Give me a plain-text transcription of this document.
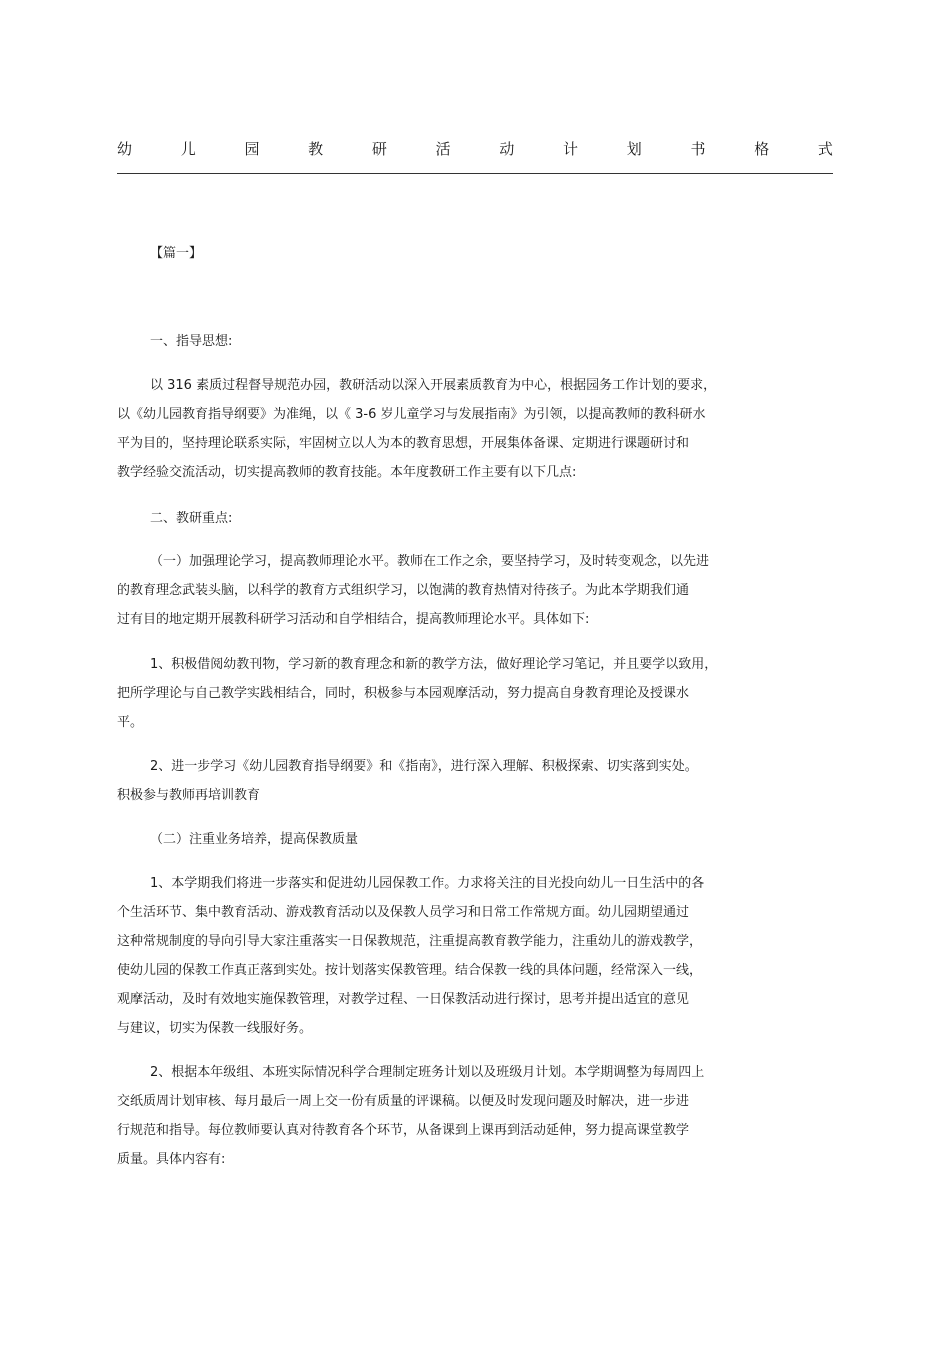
幼	儿	园	教	研	活	动	计	划	书	格	式
【篇一】
一、指导思想:
以 316 素质过程督导规范办园，教研活动以深入开展素质教育为中心，根据园务工作计划的要求，
以《幼儿园教育指导纲要》为准绳，以《 3-6 岁儿童学习与发展指南》为引领，以提高教师的教科研水
平为目的，坚持理论联系实际，牢固树立以人为本的教育思想，开展集体备课、定期进行课题研讨和
教学经验交流活动，切实提高教师的教育技能。本年度教研工作主要有以下几点:
二、教研重点:
（一）加强理论学习，提高教师理论水平。教师在工作之余，要坚持学习，及时转变观念，以先进
的教育理念武装头脑，以科学的教育方式组织学习，以饱满的教育热情对待孩子。为此本学期我们通
过有目的地定期开展教科研学习活动和自学相结合，提高教师理论水平。具体如下:
1、积极借阅幼教刊物，学习新的教育理念和新的教学方法，做好理论学习笔记，并且要学以致用，
把所学理论与自己教学实践相结合，同时，积极参与本园观摩活动，努力提高自身教育理论及授课水
平。
2、进一步学习《幼儿园教育指导纲要》和《指南》，进行深入理解、积极探索、切实落到实处。
积极参与教师再培训教育
（二）注重业务培养，提高保教质量
1、本学期我们将进一步落实和促进幼儿园保教工作。力求将关注的目光投向幼儿一日生活中的各
个生活环节、集中教育活动、游戏教育活动以及保教人员学习和日常工作常规方面。幼儿园期望通过
这种常规制度的导向引导大家注重落实一日保教规范，注重提高教育教学能力，注重幼儿的游戏教学，
使幼儿园的保教工作真正落到实处。按计划落实保教管理。结合保教一线的具体问题，经常深入一线，
观摩活动，及时有效地实施保教管理，对教学过程、一日保教活动进行探讨，思考并提出适宜的意见
与建议，切实为保教一线服好务。
2、根据本年级组、本班实际情况科学合理制定班务计划以及班级月计划。本学期调整为每周四上
交纸质周计划审核、每月最后一周上交一份有质量的评课稿。以便及时发现问题及时解决，进一步进
行规范和指导。每位教师要认真对待教育各个环节，从备课到上课再到活动延伸，努力提高课堂教学
质量。具体内容有:
